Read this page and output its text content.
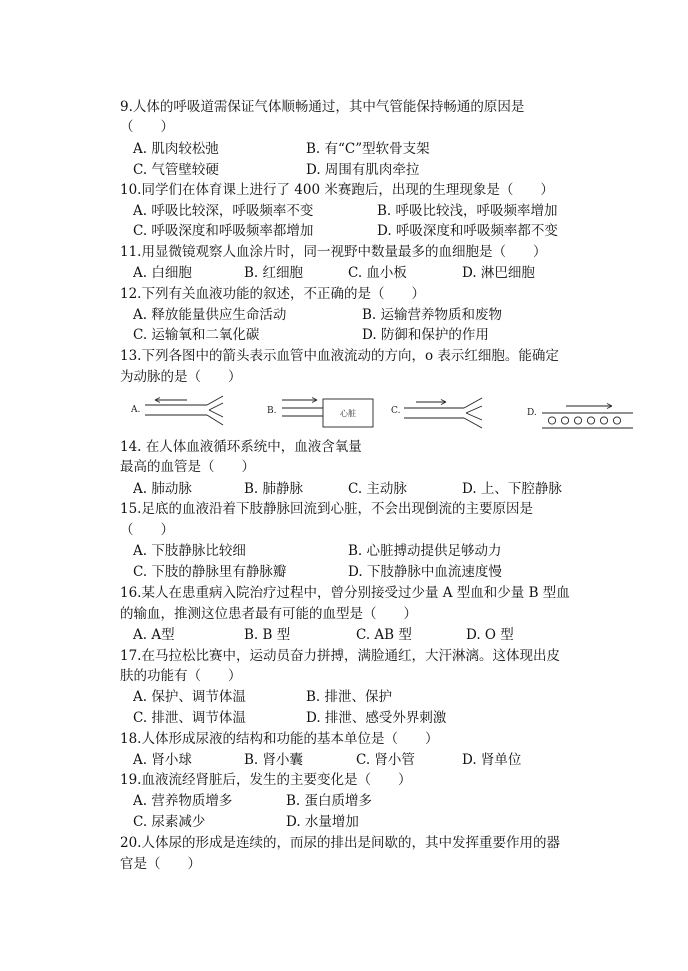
9.人体的呼吸道需保证气体顺畅通过，其中气管能保持畅通的原因是
（　　）
A. 肌肉较松弛	B. 有“C”型软骨支架
C. 气管壁较硬	D. 周围有肌肉牵拉
10.同学们在体育课上进行了 400 米赛跑后，出现的生理现象是（　　）
A. 呼吸比较深，呼吸频率不变	B. 呼吸比较浅，呼吸频率增加
C. 呼吸深度和呼吸频率都增加	D. 呼吸深度和呼吸频率都不变
11.用显微镜观察人血涂片时，同一视野中数量最多的血细胞是（　　）
A. 白细胞	B. 红细胞	C. 血小板	D. 淋巴细胞
12.下列有关血液功能的叙述，不正确的是（　　）
A. 释放能量供应生命活动	B. 运输营养物质和废物
C. 运输氧和二氧化碳	D. 防御和保护的作用
13.下列各图中的箭头表示血管中血液流动的方向，o 表示红细胞。能确定
为动脉的是（　　）
A.	B.	心脏	C.	D.
14. 在人体血液循环系统中，血液含氧量
最高的血管是（　　）
A. 肺动脉	B. 肺静脉	C. 主动脉	D. 上、下腔静脉
15.足底的血液沿着下肢静脉回流到心脏，不会出现倒流的主要原因是
（　　）
A. 下肢静脉比较细	B. 心脏搏动提供足够动力
C. 下肢的静脉里有静脉瓣	D. 下肢静脉中血流速度慢
16.某人在患重病入院治疗过程中，曾分别接受过少量 A 型血和少量 B 型血
的输血，推测这位患者最有可能的血型是（　　）
A. A型	B. B 型	C. AB 型	D. O 型
17.在马拉松比赛中，运动员奋力拼搏，满脸通红，大汗淋漓。这体现出皮
肤的功能有（　　）
A. 保护、调节体温	B. 排泄、保护
C. 排泄、调节体温	D. 排泄、感受外界刺激
18.人体形成尿液的结构和功能的基本单位是（　　）
A. 肾小球	B. 肾小囊	C. 肾小管	D. 肾单位
19.血液流经肾脏后，发生的主要变化是（　　）
A. 营养物质增多	B. 蛋白质增多
C. 尿素减少	D. 水量增加
20.人体尿的形成是连续的，而尿的排出是间歇的，其中发挥重要作用的器
官是（　　）
